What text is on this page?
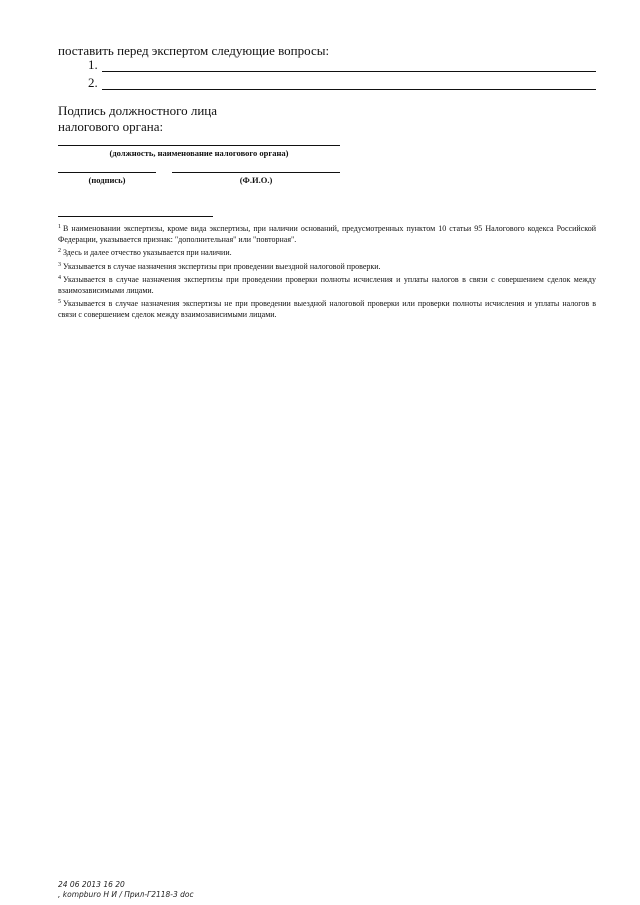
поставить перед экспертом следующие вопросы:
1.
2.
Подпись должностного лица
налогового органа:
(должность, наименование налогового органа)
(подпись)	(Ф.И.О.)
$^1$ В наименовании экспертизы, кроме вида экспертизы, при наличии оснований, предусмотренных пунктом 10 статьи 95 Налогового кодекса Российской Федерации, указывается признак: "дополнительная" или "повторная".
$^2$ Здесь и далее отчество указывается при наличии.
$^3$ Указывается в случае назначения экспертизы при проведении выездной налоговой проверки.
$^4$ Указывается в случае назначения экспертизы при проведении проверки полноты исчисления и уплаты налогов в связи с совершением сделок между взаимозависимыми лицами.
$^5$ Указывается в случае назначения экспертизы не при проведении выездной налоговой проверки или проверки полноты исчисления и уплаты налогов в связи с совершением сделок между взаимозависимыми лицами.
24 06 2013 16 20
, kompburo Н И / Прил-Г2118-3 doc
